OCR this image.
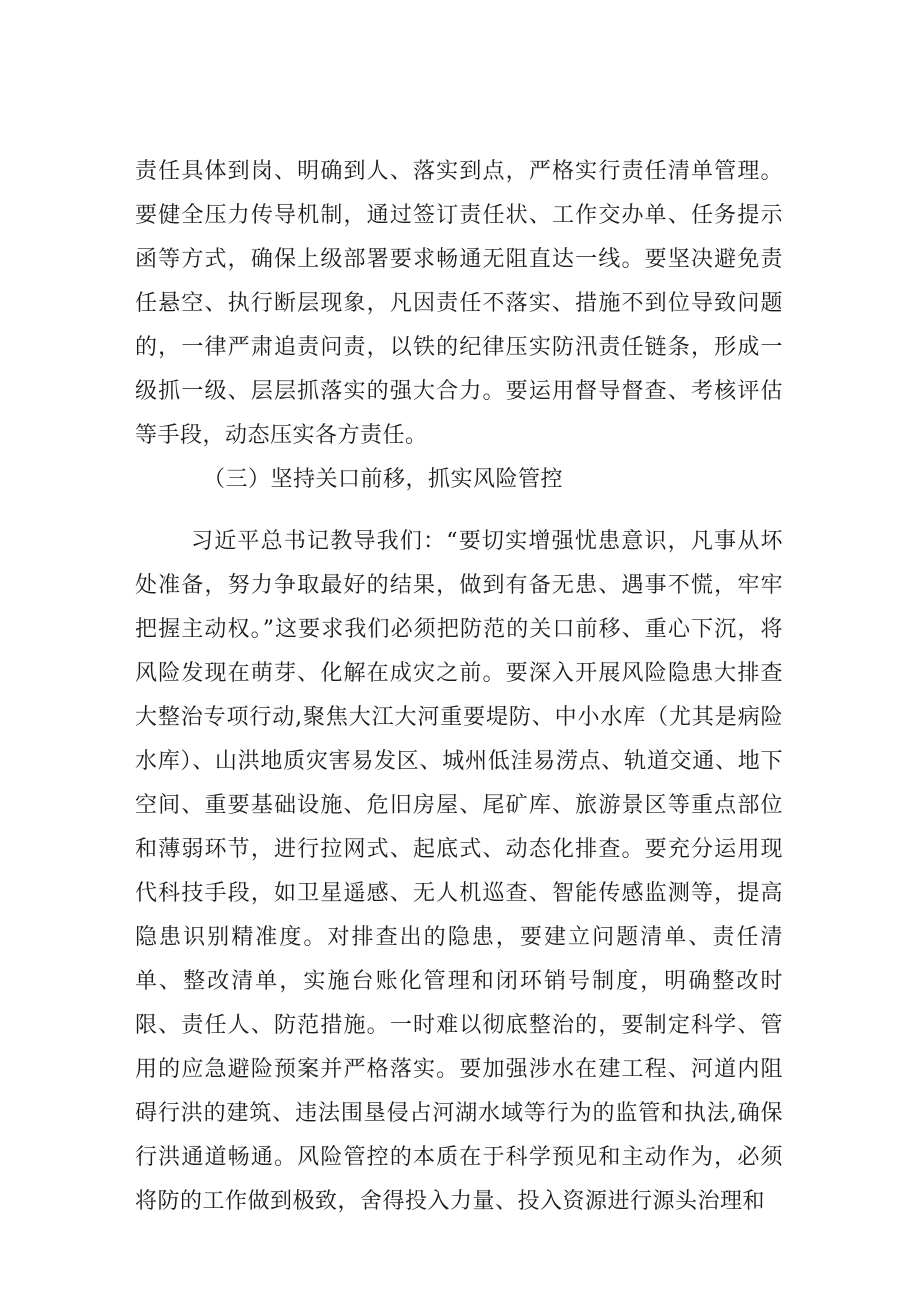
责任具体到岗、明确到人、落实到点，严格实行责任清单管理。要健全压力传导机制，通过签订责任状、工作交办单、任务提示函等方式，确保上级部署要求畅通无阻直达一线。要坚决避免责任悬空、执行断层现象，凡因责任不落实、措施不到位导致问题的，一律严肃追责问责，以铁的纪律压实防汛责任链条，形成一级抓一级、层层抓落实的强大合力。要运用督导督查、考核评估等手段，动态压实各方责任。

（三）坚持关口前移，抓实风险管控

习近平总书记教导我们：“要切实增强忧患意识，凡事从坏处准备，努力争取最好的结果，做到有备无患、遇事不慌，牢牢把握主动权。”这要求我们必须把防范的关口前移、重心下沉，将风险发现在萌芽、化解在成灾之前。要深入开展风险隐患大排查大整治专项行动,聚焦大江大河重要堤防、中小水库（尤其是病险水库）、山洪地质灾害易发区、城州低洼易涝点、轨道交通、地下空间、重要基础设施、危旧房屋、尾矿库、旅游景区等重点部位和薄弱环节，进行拉网式、起底式、动态化排查。要充分运用现代科技手段，如卫星遥感、无人机巡查、智能传感监测等，提高隐患识别精准度。对排查出的隐患，要建立问题清单、责任清单、整改清单，实施台账化管理和闭环销号制度，明确整改时限、责任人、防范措施。一时难以彻底整治的，要制定科学、管用的应急避险预案并严格落实。要加强涉水在建工程、河道内阻碍行洪的建筑、违法围垦侵占河湖水域等行为的监管和执法,确保行洪通道畅通。风险管控的本质在于科学预见和主动作为，必须将防的工作做到极致，舍得投入力量、投入资源进行源头治理和
